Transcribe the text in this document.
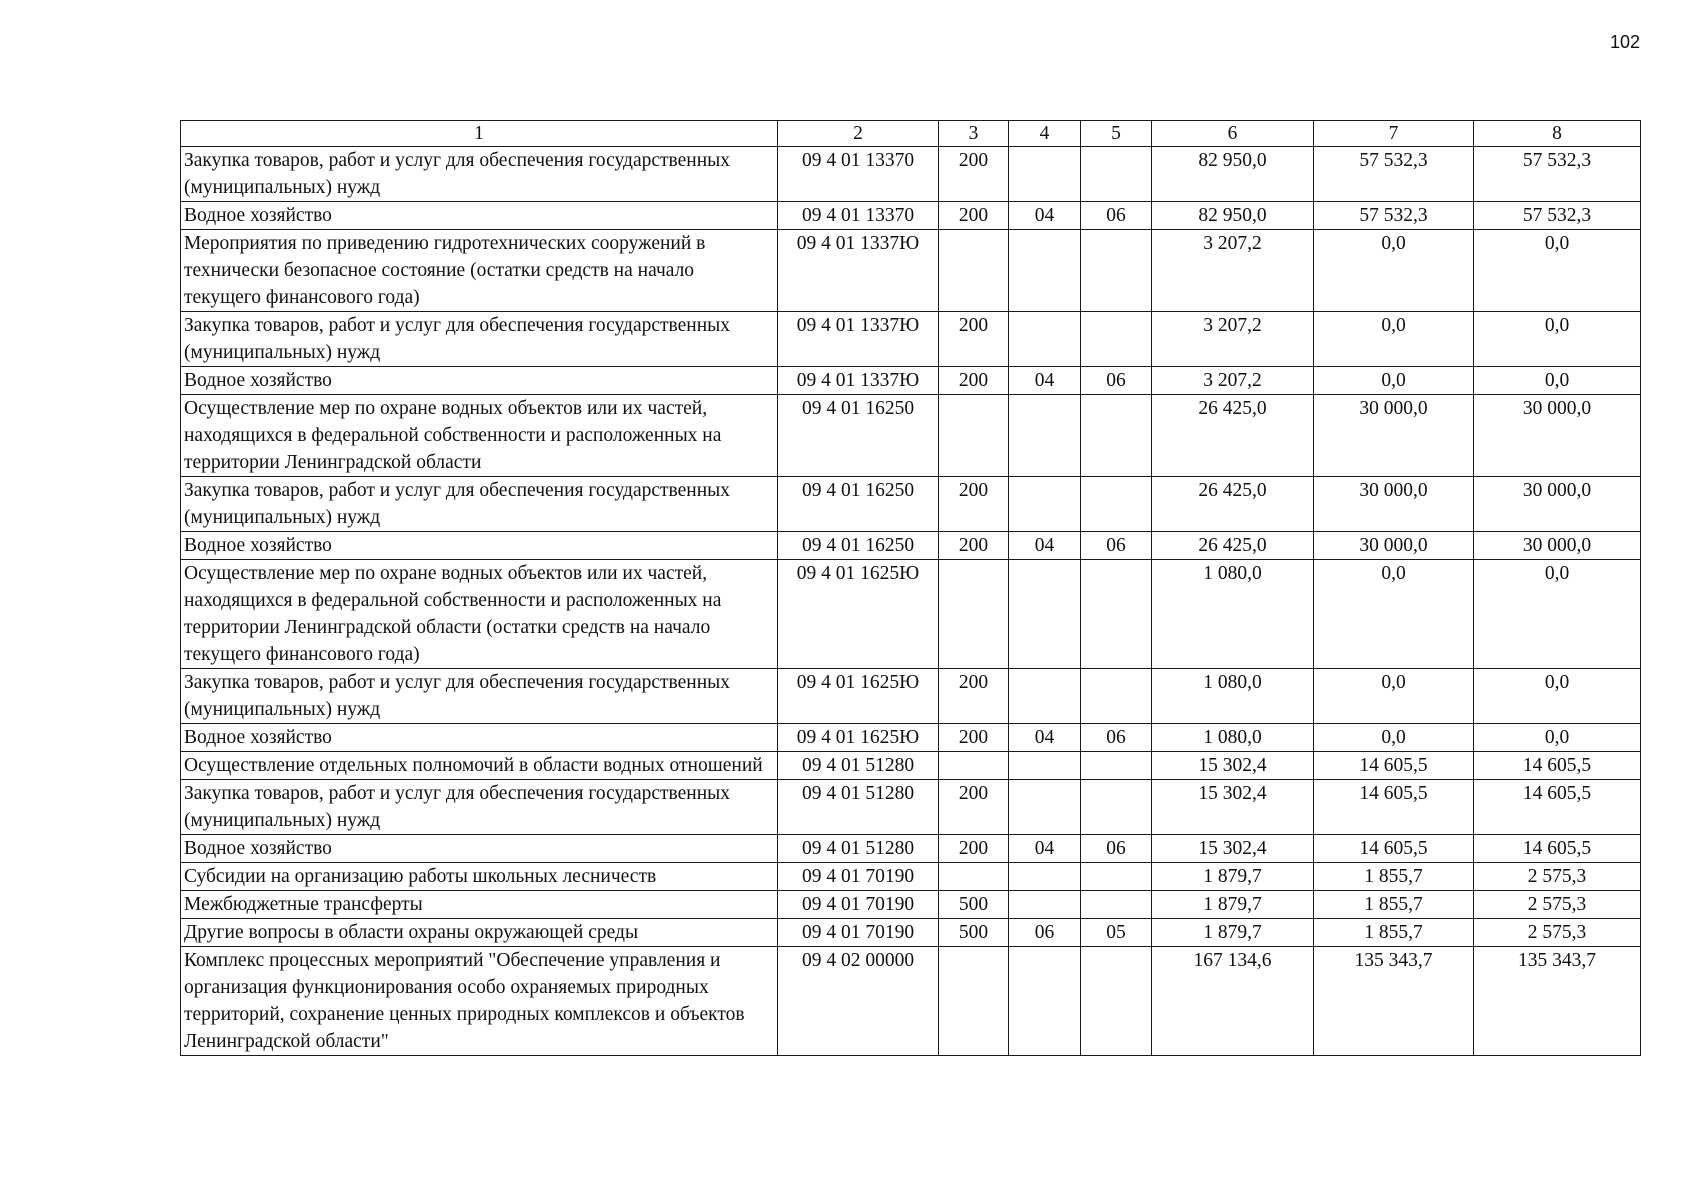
102
1	2	3	4	5	6	7	8
Закупка товаров, работ и услуг для обеспечения государственных (муниципальных) нужд	09 4 01 13370	200			82 950,0	57 532,3	57 532,3
Водное хозяйство	09 4 01 13370	200	04	06	82 950,0	57 532,3	57 532,3
Мероприятия по приведению гидротехнических сооружений в технически безопасное состояние (остатки средств на начало текущего финансового года)	09 4 01 1337Ю				3 207,2	0,0	0,0
Закупка товаров, работ и услуг для обеспечения государственных (муниципальных) нужд	09 4 01 1337Ю	200			3 207,2	0,0	0,0
Водное хозяйство	09 4 01 1337Ю	200	04	06	3 207,2	0,0	0,0
Осуществление мер по охране водных объектов или их частей, находящихся в федеральной собственности и расположенных на территории Ленинградской области	09 4 01 16250				26 425,0	30 000,0	30 000,0
Закупка товаров, работ и услуг для обеспечения государственных (муниципальных) нужд	09 4 01 16250	200			26 425,0	30 000,0	30 000,0
Водное хозяйство	09 4 01 16250	200	04	06	26 425,0	30 000,0	30 000,0
Осуществление мер по охране водных объектов или их частей, находящихся в федеральной собственности и расположенных на территории Ленинградской области (остатки средств на начало текущего финансового года)	09 4 01 1625Ю				1 080,0	0,0	0,0
Закупка товаров, работ и услуг для обеспечения государственных (муниципальных) нужд	09 4 01 1625Ю	200			1 080,0	0,0	0,0
Водное хозяйство	09 4 01 1625Ю	200	04	06	1 080,0	0,0	0,0
Осуществление отдельных полномочий в области водных отношений	09 4 01 51280				15 302,4	14 605,5	14 605,5
Закупка товаров, работ и услуг для обеспечения государственных (муниципальных) нужд	09 4 01 51280	200			15 302,4	14 605,5	14 605,5
Водное хозяйство	09 4 01 51280	200	04	06	15 302,4	14 605,5	14 605,5
Субсидии на организацию работы школьных лесничеств	09 4 01 70190				1 879,7	1 855,7	2 575,3
Межбюджетные трансферты	09 4 01 70190	500			1 879,7	1 855,7	2 575,3
Другие вопросы в области охраны окружающей среды	09 4 01 70190	500	06	05	1 879,7	1 855,7	2 575,3
Комплекс процессных мероприятий "Обеспечение управления и организация функционирования особо охраняемых природных территорий, сохранение ценных природных комплексов и объектов Ленинградской области"	09 4 02 00000				167 134,6	135 343,7	135 343,7
